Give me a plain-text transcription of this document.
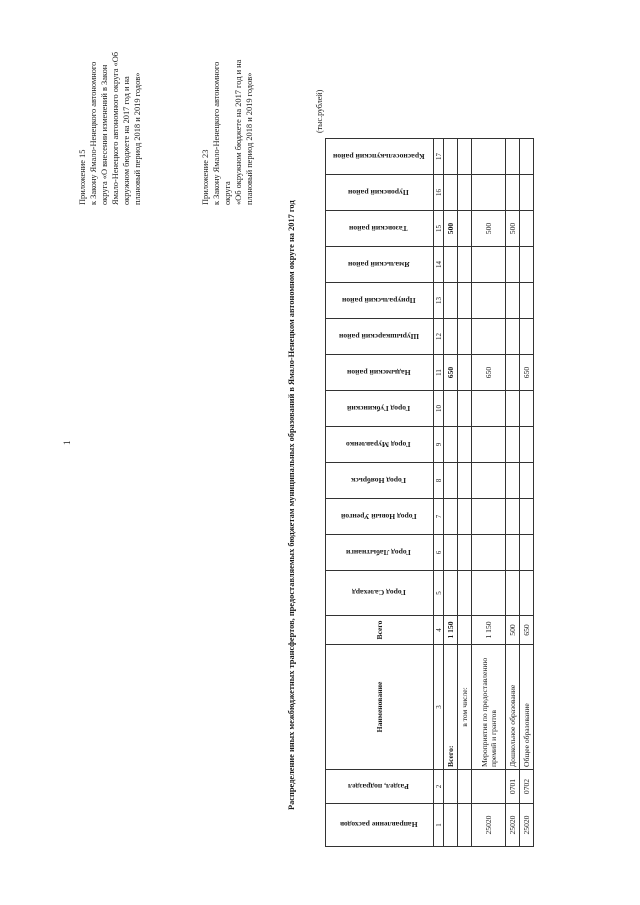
1
Приложение 15
к Закону Ямало-Ненецкого автономного округа «О внесении изменений в Закон Ямало-Ненецкого автономного округа «Об окружном бюджете на 2017 год и на плановый период 2018 и 2019 годов»
Приложение 23
к Закону Ямало-Ненецкого автономного округа
«Об окружном бюджете на 2017 год и на плановый период 2018 и 2019 годов»
Распределение иных межбюджетных трансфертов, предоставляемых бюджетам муниципальных образований в Ямало-Ненецком автономном округе на 2017 год
(тыс.рублей)
Направление расходов	Раздел, подраздел	Наименование	Всего	Город Салехард	Город Лабытнанги	Город Новый Уренгой	Город Ноябрьск	Город Муравленко	Город Губкинский	Надымский район	Шурышкарский район	Приуральский район	Ямальский район	Тазовский район	Пуровский район	Красноселькупский район
1	2	3	4	5	6	7	8	9	10	11	12	13	14	15	16	17
		Всего:	1 150							650				500		
		в том числе:														
25020		Мероприятия по предоставлению премий и грантов	1 150							650				500		
25020	0701	Дошкольное образование	500											500		
25020	0702	Общее образование	650							650						
